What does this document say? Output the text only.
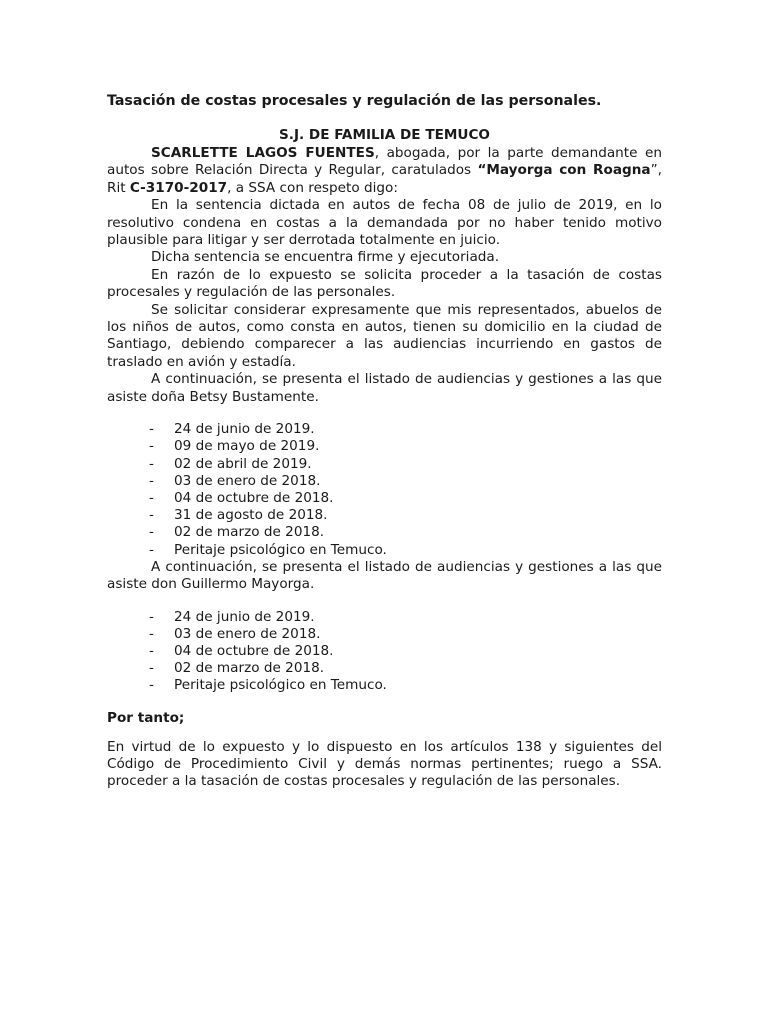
Tasación de costas procesales y regulación de las personales.
S.J. DE FAMILIA DE TEMUCO

SCARLETTE LAGOS FUENTES, abogada, por la parte demandante en autos sobre Relación Directa y Regular, caratulados “Mayorga con Roagna”, Rit C-3170-2017, a SSA con respeto digo:

En la sentencia dictada en autos de fecha 08 de julio de 2019, en lo resolutivo condena en costas a la demandada por no haber tenido motivo plausible para litigar y ser derrotada totalmente en juicio.

Dicha sentencia se encuentra firme y ejecutoriada.

En razón de lo expuesto se solicita proceder a la tasación de costas procesales y regulación de las personales.

Se solicitar considerar expresamente que mis representados, abuelos de los niños de autos, como consta en autos, tienen su domicilio en la ciudad de Santiago, debiendo comparecer a las audiencias incurriendo en gastos de traslado en avión y estadía.

A continuación, se presenta el listado de audiencias y gestiones a las que asiste doña Betsy Bustamente.

- 24 de junio de 2019.
- 09 de mayo de 2019.
- 02 de abril de 2019.
- 03 de enero de 2018.
- 04 de octubre de 2018.
- 31 de agosto de 2018.
- 02 de marzo de 2018.
- Peritaje psicológico en Temuco.

A continuación, se presenta el listado de audiencias y gestiones a las que asiste don Guillermo Mayorga.

- 24 de junio de 2019.
- 03 de enero de 2018.
- 04 de octubre de 2018.
- 02 de marzo de 2018.
- Peritaje psicológico en Temuco.
Por tanto;

En virtud de lo expuesto y lo dispuesto en los artículos 138 y siguientes del Código de Procedimiento Civil y demás normas pertinentes; ruego a SSA. proceder a la tasación de costas procesales y regulación de las personales.
